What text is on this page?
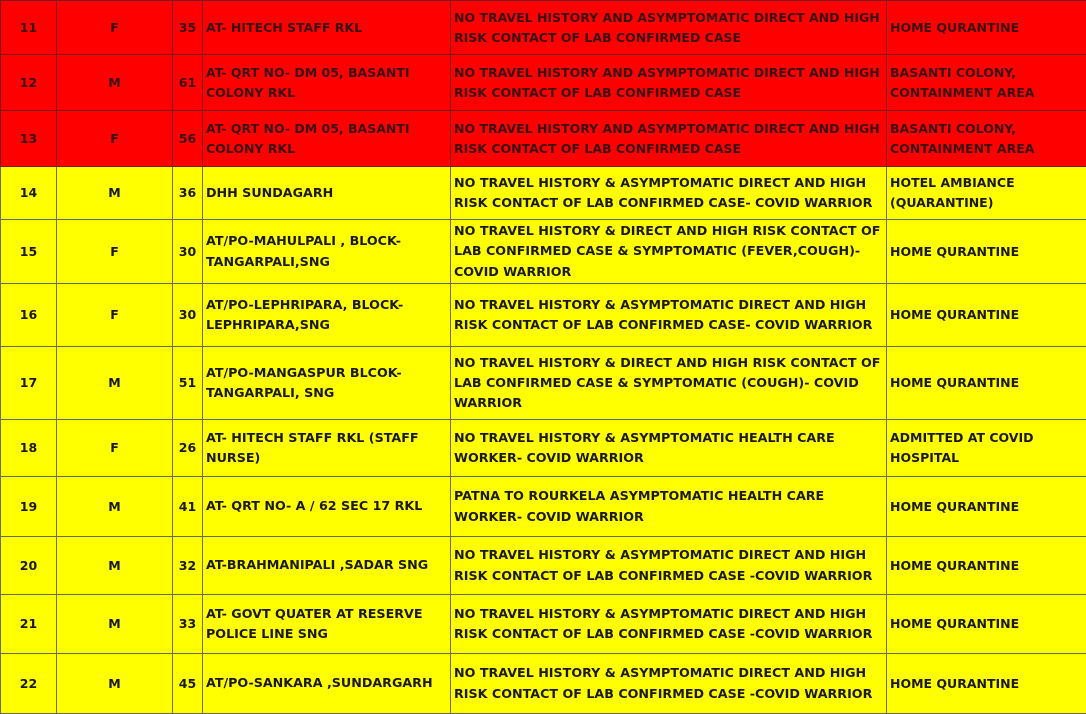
11	F	35	AT- HITECH STAFF RKL	NO TRAVEL HISTORY AND ASYMPTOMATIC DIRECT AND HIGH RISK CONTACT OF LAB CONFIRMED CASE	HOME QURANTINE
12	M	61	AT- QRT NO- DM 05, BASANTI COLONY RKL	NO TRAVEL HISTORY AND ASYMPTOMATIC DIRECT AND HIGH RISK CONTACT OF LAB CONFIRMED CASE	BASANTI COLONY, CONTAINMENT AREA
13	F	56	AT- QRT NO- DM 05, BASANTI COLONY RKL	NO TRAVEL HISTORY AND ASYMPTOMATIC DIRECT AND HIGH RISK CONTACT OF LAB CONFIRMED CASE	BASANTI COLONY, CONTAINMENT AREA
14	M	36	DHH SUNDAGARH	NO TRAVEL HISTORY & ASYMPTOMATIC DIRECT AND HIGH RISK CONTACT OF LAB CONFIRMED CASE- COVID WARRIOR	HOTEL AMBIANCE (QUARANTINE)
15	F	30	AT/PO-MAHULPALI , BLOCK-TANGARPALI,SNG	NO TRAVEL HISTORY & DIRECT AND HIGH RISK CONTACT OF LAB CONFIRMED CASE & SYMPTOMATIC (FEVER,COUGH)- COVID WARRIOR	HOME QURANTINE
16	F	30	AT/PO-LEPHRIPARA, BLOCK-LEPHRIPARA,SNG	NO TRAVEL HISTORY & ASYMPTOMATIC DIRECT AND HIGH RISK CONTACT OF LAB CONFIRMED CASE- COVID WARRIOR	HOME QURANTINE
17	M	51	AT/PO-MANGASPUR BLCOK- TANGARPALI, SNG	NO TRAVEL HISTORY & DIRECT AND HIGH RISK CONTACT OF LAB CONFIRMED CASE & SYMPTOMATIC (COUGH)- COVID WARRIOR	HOME QURANTINE
18	F	26	AT- HITECH STAFF RKL (STAFF NURSE)	NO TRAVEL HISTORY & ASYMPTOMATIC HEALTH CARE WORKER- COVID WARRIOR	ADMITTED AT COVID HOSPITAL
19	M	41	AT- QRT NO- A / 62 SEC 17 RKL	PATNA TO ROURKELA ASYMPTOMATIC HEALTH CARE WORKER- COVID WARRIOR	HOME QURANTINE
20	M	32	AT-BRAHMANIPALI ,SADAR SNG	NO TRAVEL HISTORY & ASYMPTOMATIC DIRECT AND HIGH RISK CONTACT OF LAB CONFIRMED CASE -COVID WARRIOR	HOME QURANTINE
21	M	33	AT- GOVT QUATER AT RESERVE POLICE LINE SNG	NO TRAVEL HISTORY & ASYMPTOMATIC DIRECT AND HIGH RISK CONTACT OF LAB CONFIRMED CASE -COVID WARRIOR	HOME QURANTINE
22	M	45	AT/PO-SANKARA ,SUNDARGARH	NO TRAVEL HISTORY & ASYMPTOMATIC DIRECT AND HIGH RISK CONTACT OF LAB CONFIRMED CASE -COVID WARRIOR	HOME QURANTINE
